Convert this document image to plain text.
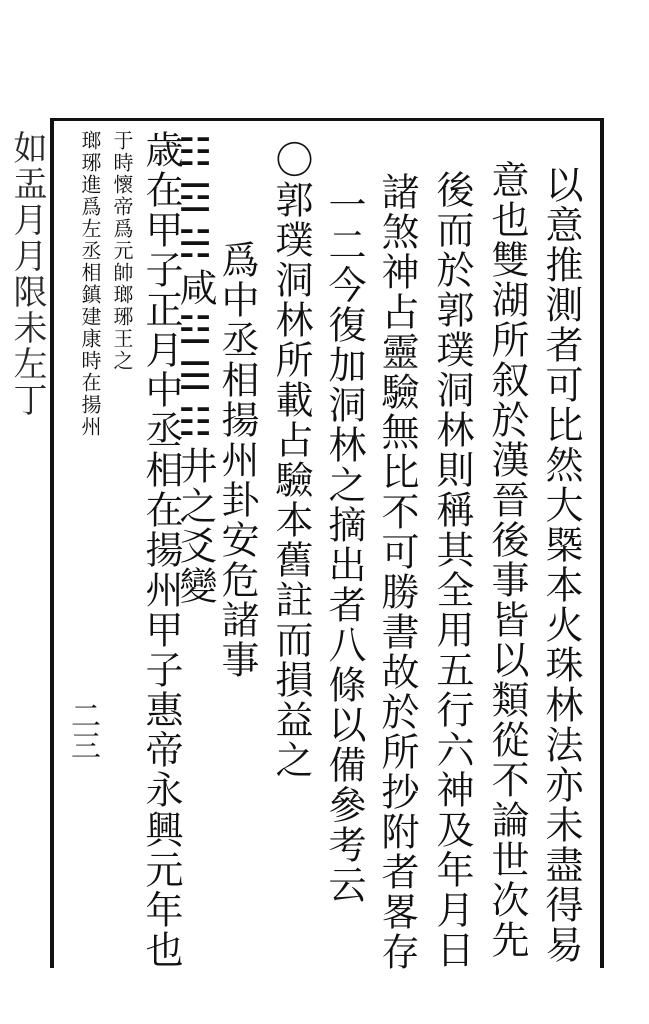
以意推測者可比然大槩本火珠林法亦未盡得易

意也雙湖所叙於漢晉後事皆以類從不論世次先

後而於郭璞洞林則稱其全用五行六神及年月日

諸煞神占靈驗無比不可勝書故於所抄附者畧存

一二今復加洞林之摘出者八條以備參考云

〇郭璞洞林所載占驗本舊註而損益之

爲中丞相揚州卦安危諸事

☷☲☵咸☳☰☷井之爻變

歳在甲子正月中丞相在揚州甲子惠帝永興元年也

于時懷帝爲元帥瑯琊王之

瑯琊進爲左丞相鎮建康時在揚州

如盂月月限未左丁

二三
